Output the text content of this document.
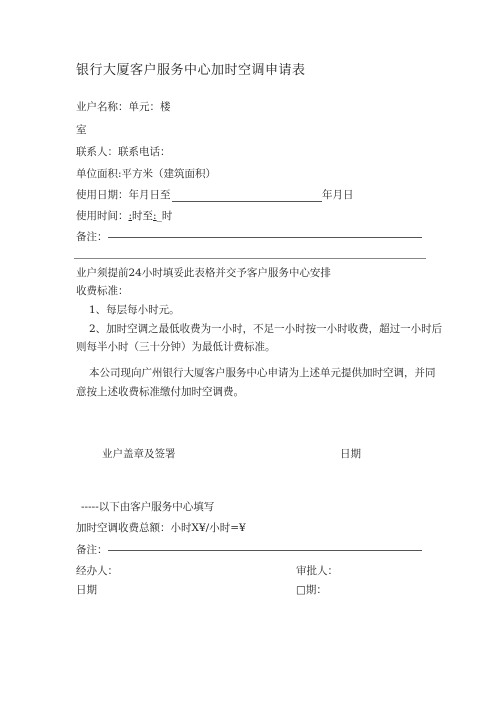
银行大厦客户服务中心加时空调申请表
业户名称：单元：楼
室
联系人：联系电话：
单位面积:平方米（建筑面积）
使用日期：年月日至	年月日
使用时间：:时至:_时
备注：
业户须提前24小时填妥此表格并交予客户服务中心安排
收费标准：
1、每层每小时元。
2、加时空调之最低收费为一小时，不足一小时按一小时收费，超过一小时后
则每半小时（三十分钟）为最低计费标准。
本公司现向广州银行大厦客户服务中心申请为上述单元提供加时空调，并同
意按上述收费标准缴付加时空调费。
业户盖章及签署	日期
-----以下由客户服务中心填写
加时空调收费总额：小时X¥/小时=¥
备注：
经办人：	审批人：
日期	□期：
